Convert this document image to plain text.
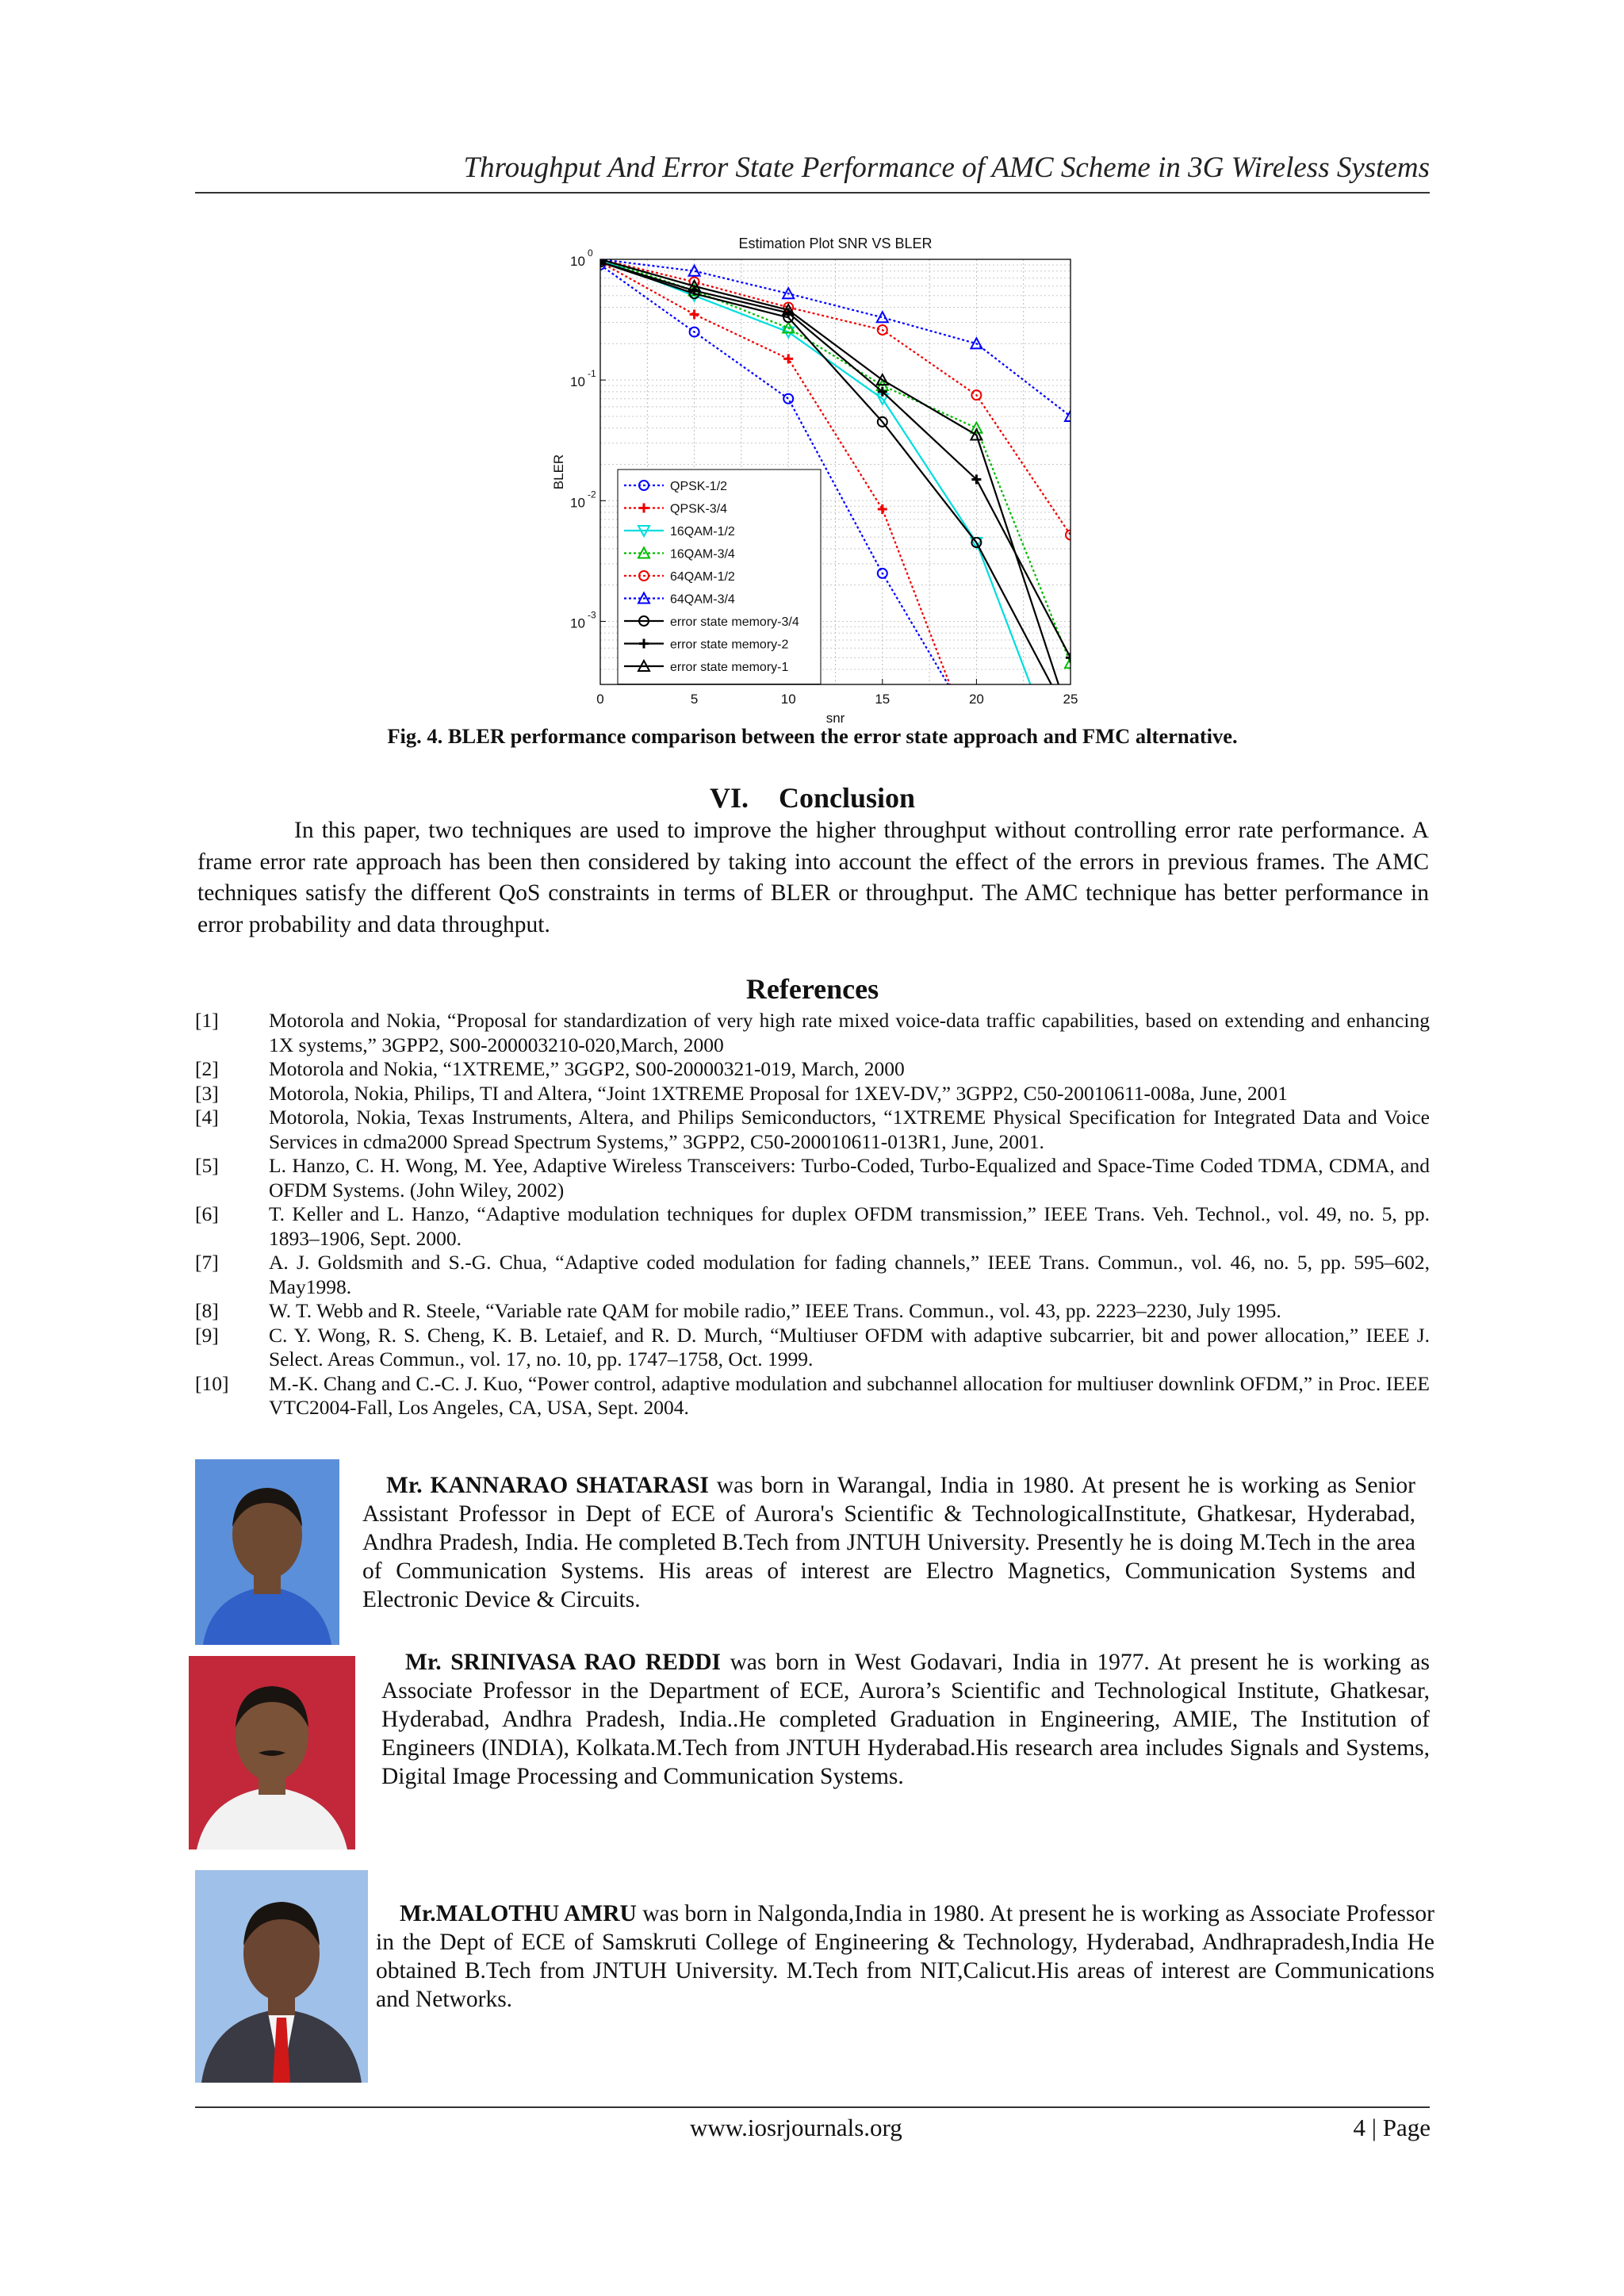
Throughput And Error State Performance of AMC Scheme in 3G Wireless Systems
0	5	10	15	20	25
10
0
10
-1
10
-2
10
-3
Estimation Plot SNR VS BLER
snr
BLER	QPSK-1/2
QPSK-3/4
16QAM-1/2
16QAM-3/4
64QAM-1/2
64QAM-3/4
error state memory-3/4
error state memory-2
error state memory-1
Fig. 4. BLER performance comparison between the error state approach and FMC alternative.
VI. Conclusion
In this paper, two techniques are used to improve the higher throughput without controlling error rate performance. A frame error rate approach has been then considered by taking into account the effect of the errors in previous frames. The AMC techniques satisfy the different QoS constraints in terms of BLER or throughput. The AMC technique has better performance in error probability and data throughput.
References
[1]	Motorola and Nokia, “Proposal for standardization of very high rate mixed voice-data traffic capabilities, based on extending and enhancing 1X systems,” 3GPP2, S00-200003210-020,March, 2000
[2]	Motorola and Nokia, “1XTREME,” 3GGP2, S00-20000321-019, March, 2000
[3]	Motorola, Nokia, Philips, TI and Altera, “Joint 1XTREME Proposal for 1XEV-DV,” 3GPP2, C50-20010611-008a, June, 2001
[4]	Motorola, Nokia, Texas Instruments, Altera, and Philips Semiconductors, “1XTREME Physical Specification for Integrated Data and Voice Services in cdma2000 Spread Spectrum Systems,” 3GPP2, C50-200010611-013R1, June, 2001.
[5]	L. Hanzo, C. H. Wong, M. Yee, Adaptive Wireless Transceivers: Turbo-Coded, Turbo-Equalized and Space-Time Coded TDMA, CDMA, and OFDM Systems. (John Wiley, 2002)
[6]	T. Keller and L. Hanzo, “Adaptive modulation techniques for duplex OFDM transmission,” IEEE Trans. Veh. Technol., vol. 49, no. 5, pp. 1893–1906, Sept. 2000.
[7]	A. J. Goldsmith and S.-G. Chua, “Adaptive coded modulation for fading channels,” IEEE Trans. Commun., vol. 46, no. 5, pp. 595–602, May1998.
[8]	W. T. Webb and R. Steele, “Variable rate QAM for mobile radio,” IEEE Trans. Commun., vol. 43, pp. 2223–2230, July 1995.
[9]	C. Y. Wong, R. S. Cheng, K. B. Letaief, and R. D. Murch, “Multiuser OFDM with adaptive subcarrier, bit and power allocation,” IEEE J. Select. Areas Commun., vol. 17, no. 10, pp. 1747–1758, Oct. 1999.
[10]	M.-K. Chang and C.-C. J. Kuo, “Power control, adaptive modulation and subchannel allocation for multiuser downlink OFDM,” in Proc. IEEE VTC2004-Fall, Los Angeles, CA, USA, Sept. 2004.
Mr. KANNARAO SHATARASI was born in Warangal, India in 1980. At present he is working as Senior Assistant Professor in Dept of ECE of Aurora's Scientific & TechnologicalInstitute, Ghatkesar, Hyderabad, Andhra Pradesh, India. He completed B.Tech from JNTUH University. Presently he is doing M.Tech in the area of Communication Systems. His areas of interest are Electro Magnetics, Communication Systems and Electronic Device & Circuits.
Mr. SRINIVASA RAO REDDI was born in West Godavari, India in 1977. At present he is working as Associate Professor in the Department of ECE, Aurora’s Scientific and Technological Institute, Ghatkesar, Hyderabad, Andhra Pradesh, India..He completed Graduation in Engineering, AMIE, The Institution of Engineers (INDIA), Kolkata.M.Tech from JNTUH Hyderabad.His research area includes Signals and Systems, Digital Image Processing and Communication Systems.
Mr.MALOTHU AMRU was born in Nalgonda,India in 1980. At present he is working as Associate Professor in the Dept of ECE of Samskruti College of Engineering & Technology, Hyderabad, Andhrapradesh,India He obtained B.Tech from JNTUH University. M.Tech from NIT,Calicut.His areas of interest are Communications and Networks.
www.iosrjournals.org	4 | Page
